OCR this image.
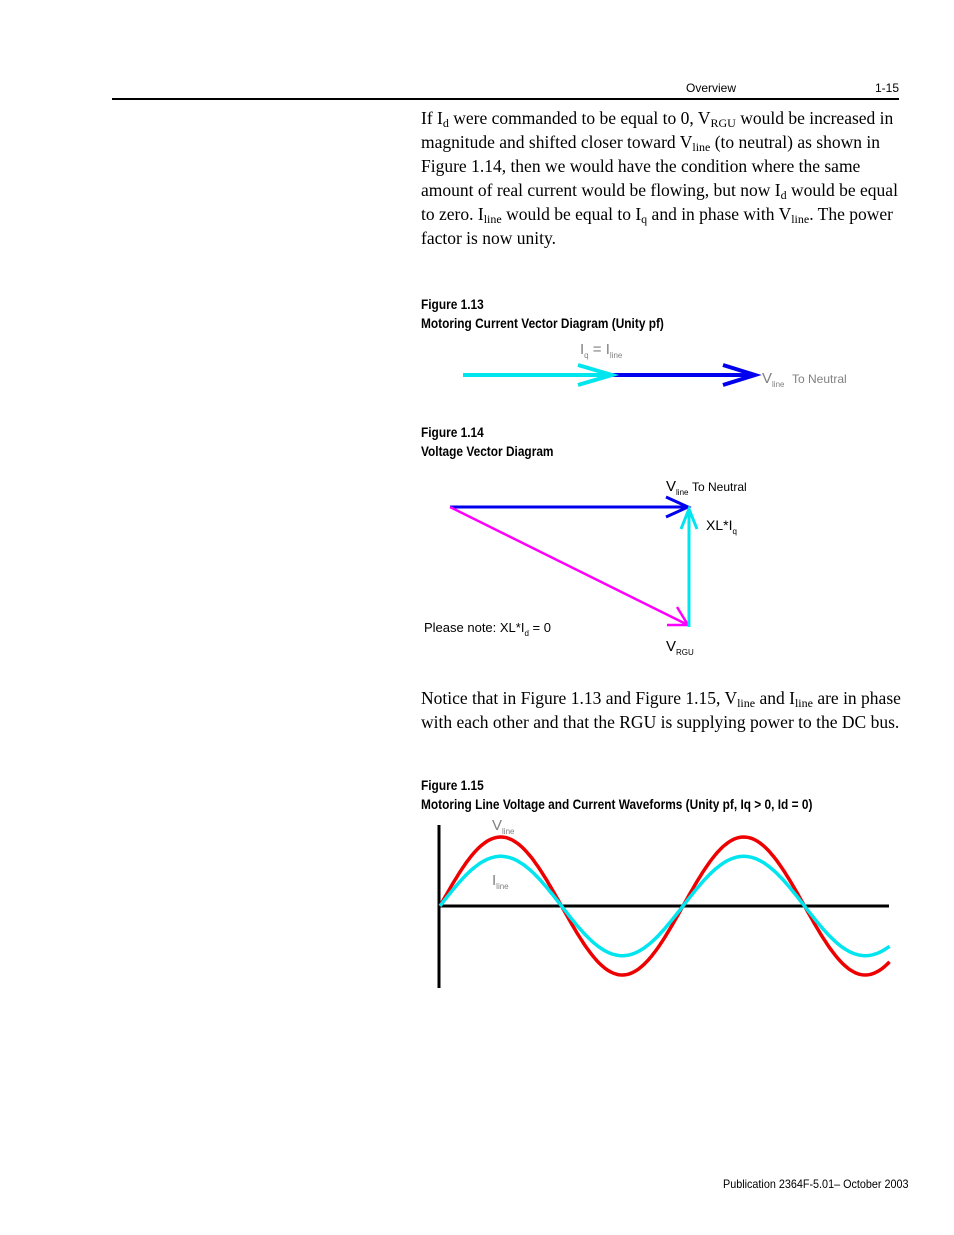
Overview	1-15
If $I_d$ were commanded to be equal to 0, $V_{RGU}$ would be increased in magnitude and shifted closer toward $V_{line}$ (to neutral) as shown in Figure 1.14, then we would have the condition where the same amount of real current would be flowing, but now $I_d$ would be equal to zero. $I_{line}$ would be equal to $I_q$ and in phase with $V_{line}$. The power factor is now unity.
Figure 1.13
Motoring Current Vector Diagram (Unity pf)
$I_q = I_{line}$
$V_{line}$ To Neutral
Figure 1.14
Voltage Vector Diagram
$V_{line}$ To Neutral
$XL*I_q$
Please note: $XL*I_d = 0$
$V_{RGU}$
Notice that in Figure 1.13 and Figure 1.15, $V_{line}$ and $I_{line}$ are in phase with each other and that the RGU is supplying power to the DC bus.
Figure 1.15
Motoring Line Voltage and Current Waveforms (Unity pf, Iq > 0, Id = 0)
$V_{line}$
$I_{line}$
Publication 2364F-5.01– October 2003
